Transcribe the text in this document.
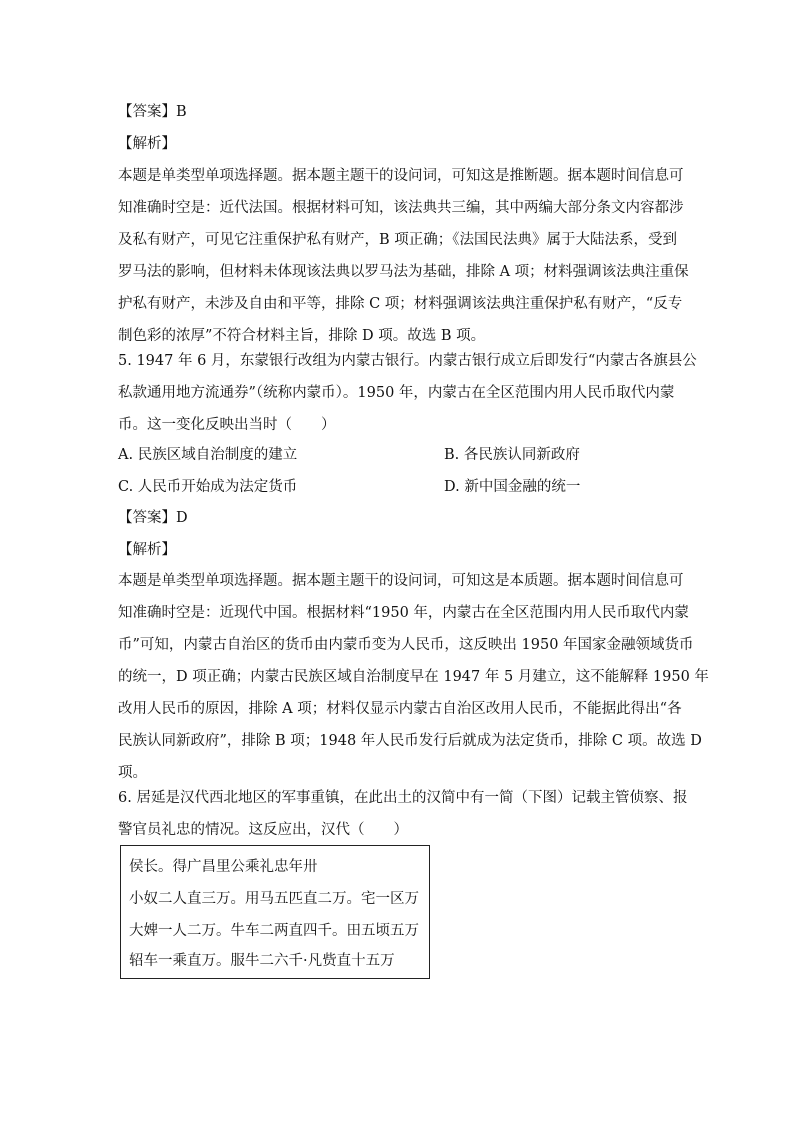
【答案】B
【解析】
本题是单类型单项选择题。据本题主题干的设问词，可知这是推断题。据本题时间信息可
知准确时空是：近代法国。根据材料可知，该法典共三编，其中两编大部分条文内容都涉
及私有财产，可见它注重保护私有财产，B 项正确；《法国民法典》属于大陆法系，受到
罗马法的影响，但材料未体现该法典以罗马法为基础，排除 A 项；材料强调该法典注重保
护私有财产，未涉及自由和平等，排除 C 项；材料强调该法典注重保护私有财产，“反专
制色彩的浓厚”不符合材料主旨，排除 D 项。故选 B 项。
5. 1947 年 6 月，东蒙银行改组为内蒙古银行。内蒙古银行成立后即发行“内蒙古各旗县公
私款通用地方流通券”（统称内蒙币）。1950 年，内蒙古在全区范围内用人民币取代内蒙
币。这一变化反映出当时（　　）
A. 民族区域自治制度的建立	B. 各民族认同新政府
C. 人民币开始成为法定货币	D. 新中国金融的统一
【答案】D
【解析】
本题是单类型单项选择题。据本题主题干的设问词，可知这是本质题。据本题时间信息可
知准确时空是：近现代中国。根据材料“1950 年，内蒙古在全区范围内用人民币取代内蒙
币”可知，内蒙古自治区的货币由内蒙币变为人民币，这反映出 1950 年国家金融领域货币
的统一，D 项正确；内蒙古民族区域自治制度早在 1947 年 5 月建立，这不能解释 1950 年
改用人民币的原因，排除 A 项；材料仅显示内蒙古自治区改用人民币，不能据此得出“各
民族认同新政府”，排除 B 项；1948 年人民币发行后就成为法定货币，排除 C 项。故选 D
项。
6. 居延是汉代西北地区的军事重镇，在此出土的汉简中有一简（下图）记载主管侦察、报
警官员礼忠的情况。这反应出，汉代（　　）
侯长。得广昌里公乘礼忠年卅
小奴二人直三万。用马五匹直二万。宅一区万
大婢一人二万。牛车二两直四千。田五顷五万
轺车一乘直万。服牛二六千·凡赀直十五万
